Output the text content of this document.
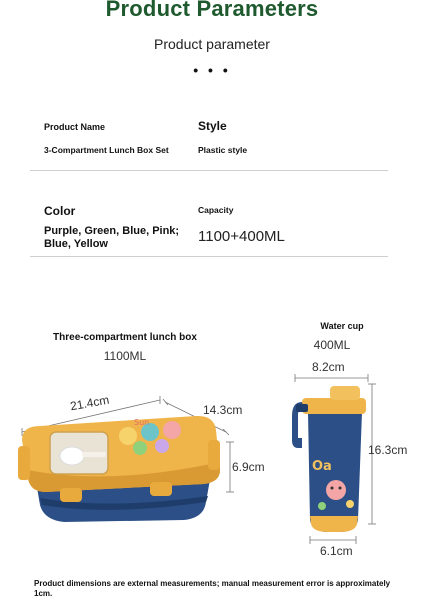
Product Parameters
Product parameter
• • •
Product Name	Style
3-Compartment Lunch Box Set	Plastic style
Color	Capacity
Purple, Green, Blue, Pink; Blue, Yellow	1100+400ML
Three-compartment lunch box
1100ML
Water cup
400ML
Sun
Oa
21.4cm	14.3cm
6.9cm
8.2cm
16.3cm
6.1cm
Product dimensions are external measurements; manual measurement error is approximately 1cm.
